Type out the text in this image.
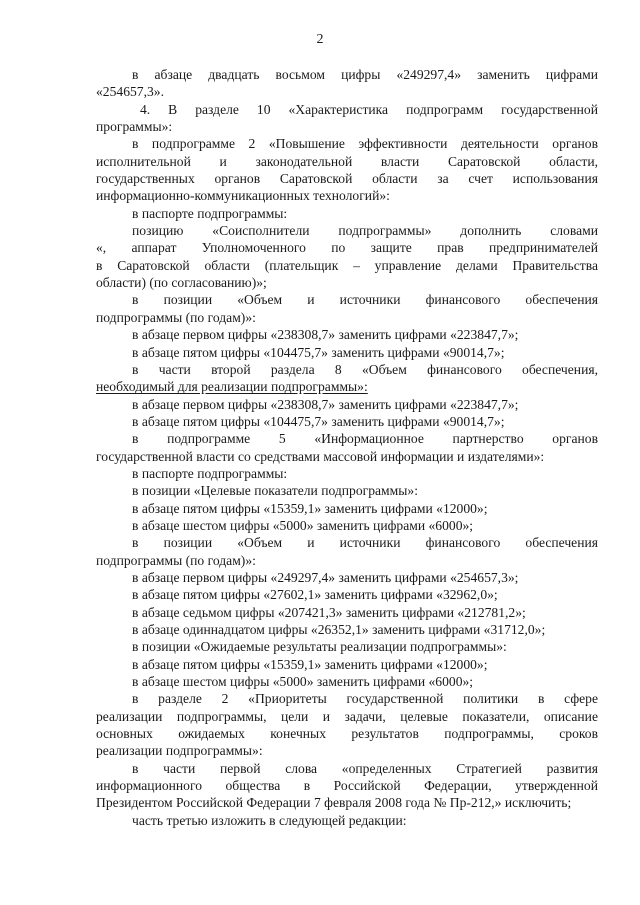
2
в абзаце двадцать восьмом цифры «249297,4» заменить цифрами
«254657,3».
4. В разделе 10 «Характеристика подпрограмм государственной
программы»:
в подпрограмме 2 «Повышение эффективности деятельности органов
исполнительной и законодательной власти Саратовской области,
государственных органов Саратовской области за счет использования
информационно-коммуникационных технологий»:
в паспорте подпрограммы:
позицию «Соисполнители подпрограммы» дополнить словами
«, аппарат Уполномоченного по защите прав предпринимателей
в Саратовской области (плательщик – управление делами Правительства
области) (по согласованию)»;
в позиции «Объем и источники финансового обеспечения
подпрограммы (по годам)»:
в абзаце первом цифры «238308,7» заменить цифрами «223847,7»;
в абзаце пятом цифры «104475,7» заменить цифрами «90014,7»;
в части второй раздела 8 «Объем финансового обеспечения,
необходимый для реализации подпрограммы»:
в абзаце первом цифры «238308,7» заменить цифрами «223847,7»;
в абзаце пятом цифры «104475,7» заменить цифрами «90014,7»;
в подпрограмме 5 «Информационное партнерство органов
государственной власти со средствами массовой информации и издателями»:
в паспорте подпрограммы:
в позиции «Целевые показатели подпрограммы»:
в абзаце пятом цифры «15359,1» заменить цифрами «12000»;
в абзаце шестом цифры «5000» заменить цифрами «6000»;
в позиции «Объем и источники финансового обеспечения
подпрограммы (по годам)»:
в абзаце первом цифры «249297,4» заменить цифрами «254657,3»;
в абзаце пятом цифры «27602,1» заменить цифрами «32962,0»;
в абзаце седьмом цифры «207421,3» заменить цифрами «212781,2»;
в абзаце одиннадцатом цифры «26352,1» заменить цифрами «31712,0»;
в позиции «Ожидаемые результаты реализации подпрограммы»:
в абзаце пятом цифры «15359,1» заменить цифрами «12000»;
в абзаце шестом цифры «5000» заменить цифрами «6000»;
в разделе 2 «Приоритеты государственной политики в сфере
реализации подпрограммы, цели и задачи, целевые показатели, описание
основных ожидаемых конечных результатов подпрограммы, сроков
реализации подпрограммы»:
в части первой слова «определенных Стратегией развития
информационного общества в Российской Федерации, утвержденной
Президентом Российской Федерации 7 февраля 2008 года № Пр-212,» исключить;
часть третью изложить в следующей редакции:
